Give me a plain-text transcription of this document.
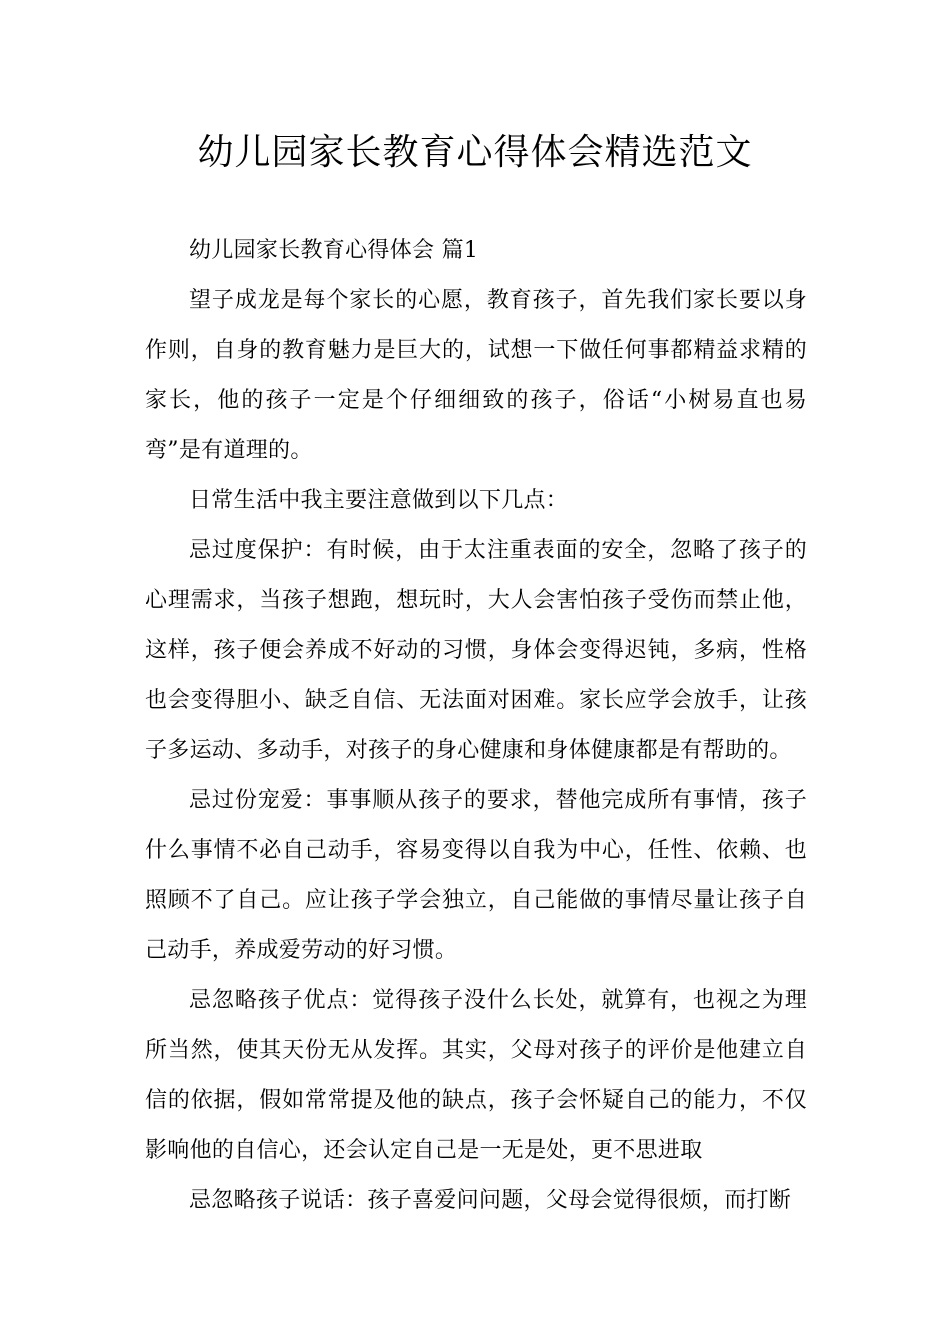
幼儿园家长教育心得体会精选范文

幼儿园家长教育心得体会 篇1

望子成龙是每个家长的心愿，教育孩子，首先我们家长要以身作则，自身的教育魅力是巨大的，试想一下做任何事都精益求精的家长，他的孩子一定是个仔细细致的孩子，俗话“小树易直也易弯”是有道理的。

日常生活中我主要注意做到以下几点：

忌过度保护：有时候，由于太注重表面的安全，忽略了孩子的心理需求，当孩子想跑，想玩时，大人会害怕孩子受伤而禁止他，这样，孩子便会养成不好动的习惯，身体会变得迟钝，多病，性格也会变得胆小、缺乏自信、无法面对困难。家长应学会放手，让孩子多运动、多动手，对孩子的身心健康和身体健康都是有帮助的。

忌过份宠爱：事事顺从孩子的要求，替他完成所有事情，孩子什么事情不必自己动手，容易变得以自我为中心，任性、依赖、也照顾不了自己。应让孩子学会独立，自己能做的事情尽量让孩子自己动手，养成爱劳动的好习惯。

忌忽略孩子优点：觉得孩子没什么长处，就算有，也视之为理所当然，使其天份无从发挥。其实，父母对孩子的评价是他建立自信的依据，假如常常提及他的缺点，孩子会怀疑自己的能力，不仅影响他的自信心，还会认定自己是一无是处，更不思进取

忌忽略孩子说话：孩子喜爱问问题，父母会觉得很烦，而打断
